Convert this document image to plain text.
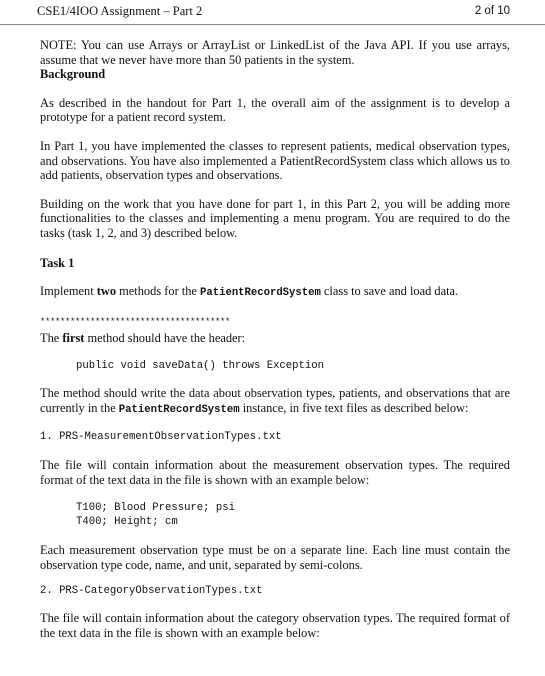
CSE1/4IOO Assignment – Part 2	2 of 10

NOTE: You can use Arrays or ArrayList or LinkedList of the Java API. If you use arrays, assume that we never have more than 50 patients in the system.

Background

As described in the handout for Part 1, the overall aim of the assignment is to develop a prototype for a patient record system.

In Part 1, you have implemented the classes to represent patients, medical observation types, and observations. You have also implemented a PatientRecordSystem class which allows us to add patients, observation types and observations.

Building on the work that you have done for part 1, in this Part 2, you will be adding more functionalities to the classes and implementing a menu program. You are required to do the tasks (task 1, 2, and 3) described below.

Task 1

Implement two methods for the PatientRecordSystem class to save and load data.

**************************************

The first method should have the header:

public void saveData() throws Exception

The method should write the data about observation types, patients, and observations that are currently in the PatientRecordSystem instance, in five text files as described below:

1. PRS-MeasurementObservationTypes.txt

The file will contain information about the measurement observation types. The required format of the text data in the file is shown with an example below:

T100; Blood Pressure; psi

T400; Height; cm

Each measurement observation type must be on a separate line. Each line must contain the observation type code, name, and unit, separated by semi-colons.

2. PRS-CategoryObservationTypes.txt

The file will contain information about the category observation types. The required format of the text data in the file is shown with an example below:
